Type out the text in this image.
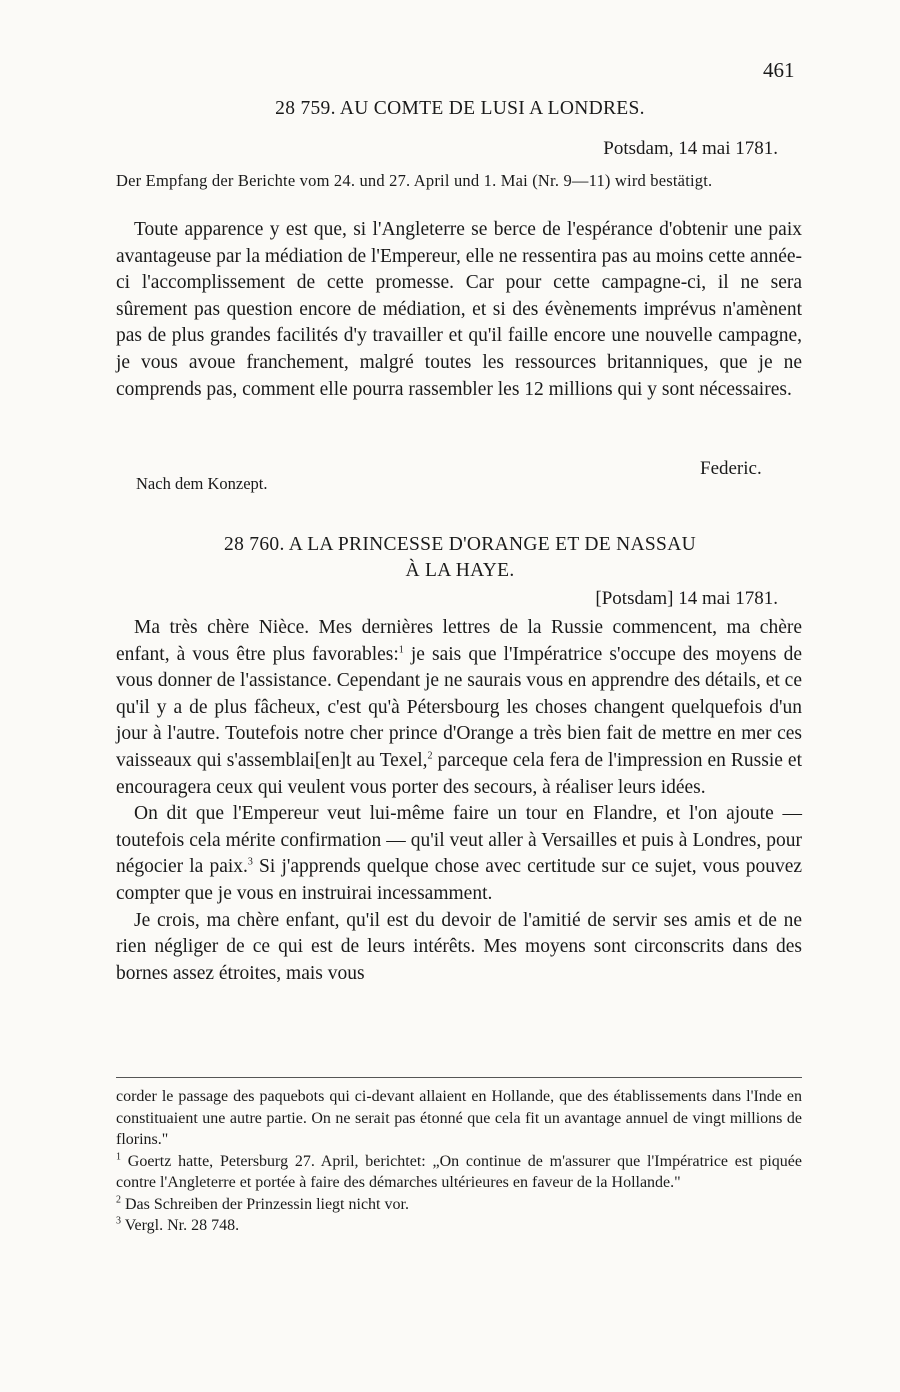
461
28 759. AU COMTE DE LUSI A LONDRES.
Potsdam, 14 mai 1781.
Der Empfang der Berichte vom 24. und 27. April und 1. Mai (Nr. 9—11) wird bestätigt.

Toute apparence y est que, si l'Angleterre se berce de l'espérance d'obtenir une paix avantageuse par la médiation de l'Empereur, elle ne ressentira pas au moins cette année-ci l'accomplissement de cette promesse. Car pour cette campagne-ci, il ne sera sûrement pas question encore de médiation, et si des évènements imprévus n'amènent pas de plus grandes facilités d'y travailler et qu'il faille encore une nouvelle campagne, je vous avoue franchement, malgré toutes les ressources britanniques, que je ne comprends pas, comment elle pourra rassembler les 12 millions qui y sont nécessaires.

Federic.
Nach dem Konzept.
28 760. A LA PRINCESSE D'ORANGE ET DE NASSAU
À LA HAYE.
[Potsdam] 14 mai 1781.

Ma très chère Nièce. Mes dernières lettres de la Russie commencent, ma chère enfant, à vous être plus favorables:$^1$ je sais que l'Impératrice s'occupe des moyens de vous donner de l'assistance. Cependant je ne saurais vous en apprendre des détails, et ce qu'il y a de plus fâcheux, c'est qu'à Pétersbourg les choses changent quelquefois d'un jour à l'autre. Toutefois notre cher prince d'Orange a très bien fait de mettre en mer ces vaisseaux qui s'assemblai[en]t au Texel,$^2$ parceque cela fera de l'impression en Russie et encouragera ceux qui veulent vous porter des secours, à réaliser leurs idées.

On dit que l'Empereur veut lui-même faire un tour en Flandre, et l'on ajoute — toutefois cela mérite confirmation — qu'il veut aller à Versailles et puis à Londres, pour négocier la paix.$^3$ Si j'apprends quelque chose avec certitude sur ce sujet, vous pouvez compter que je vous en instruirai incessamment.

Je crois, ma chère enfant, qu'il est du devoir de l'amitié de servir ses amis et de ne rien négliger de ce qui est de leurs intérêts. Mes moyens sont circonscrits dans des bornes assez étroites, mais vous

corder le passage des paquebots qui ci-devant allaient en Hollande, que des établissements dans l'Inde en constituaient une autre partie. On ne serait pas étonné que cela fit un avantage annuel de vingt millions de florins."
$^1$ Goertz hatte, Petersburg 27. April, berichtet: „On continue de m'assurer que l'Impératrice est piquée contre l'Angleterre et portée à faire des démarches ultérieures en faveur de la Hollande."
$^2$ Das Schreiben der Prinzessin liegt nicht vor.
$^3$ Vergl. Nr. 28 748.
